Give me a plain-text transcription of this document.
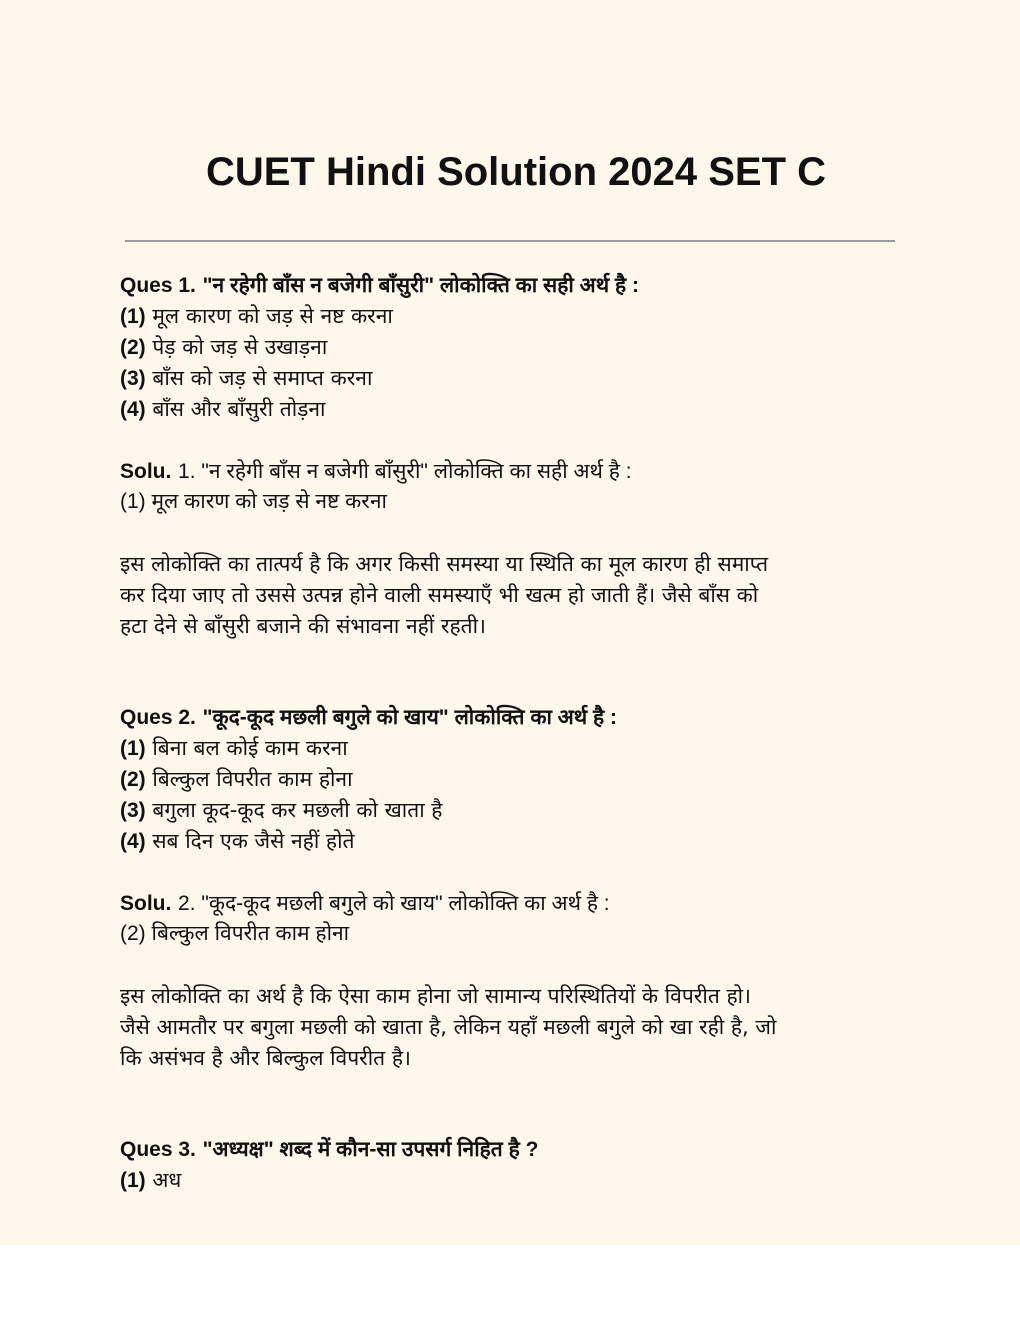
CUET Hindi Solution 2024 SET C
Ques 1. "न रहेगी बाँस न बजेगी बाँसुरी" लोकोक्ति का सही अर्थ है :
(1) मूल कारण को जड़ से नष्ट करना
(2) पेड़ को जड़ से उखाड़ना
(3) बाँस को जड़ से समाप्त करना
(4) बाँस और बाँसुरी तोड़ना
Solu. 1. "न रहेगी बाँस न बजेगी बाँसुरी" लोकोक्ति का सही अर्थ है :
(1) मूल कारण को जड़ से नष्ट करना
इस लोकोक्ति का तात्पर्य है कि अगर किसी समस्या या स्थिति का मूल कारण ही समाप्त
कर दिया जाए तो उससे उत्पन्न होने वाली समस्याएँ भी खत्म हो जाती हैं। जैसे बाँस को
हटा देने से बाँसुरी बजाने की संभावना नहीं रहती।
Ques 2. "कूद-कूद मछली बगुले को खाय" लोकोक्ति का अर्थ है :
(1) बिना बल कोई काम करना
(2) बिल्कुल विपरीत काम होना
(3) बगुला कूद-कूद कर मछली को खाता है
(4) सब दिन एक जैसे नहीं होते
Solu. 2. "कूद-कूद मछली बगुले को खाय" लोकोक्ति का अर्थ है :
(2) बिल्कुल विपरीत काम होना
इस लोकोक्ति का अर्थ है कि ऐसा काम होना जो सामान्य परिस्थितियों के विपरीत हो।
जैसे आमतौर पर बगुला मछली को खाता है, लेकिन यहाँ मछली बगुले को खा रही है, जो
कि असंभव है और बिल्कुल विपरीत है।
Ques 3. "अध्यक्ष" शब्द में कौन-सा उपसर्ग निहित है ?
(1) अध
